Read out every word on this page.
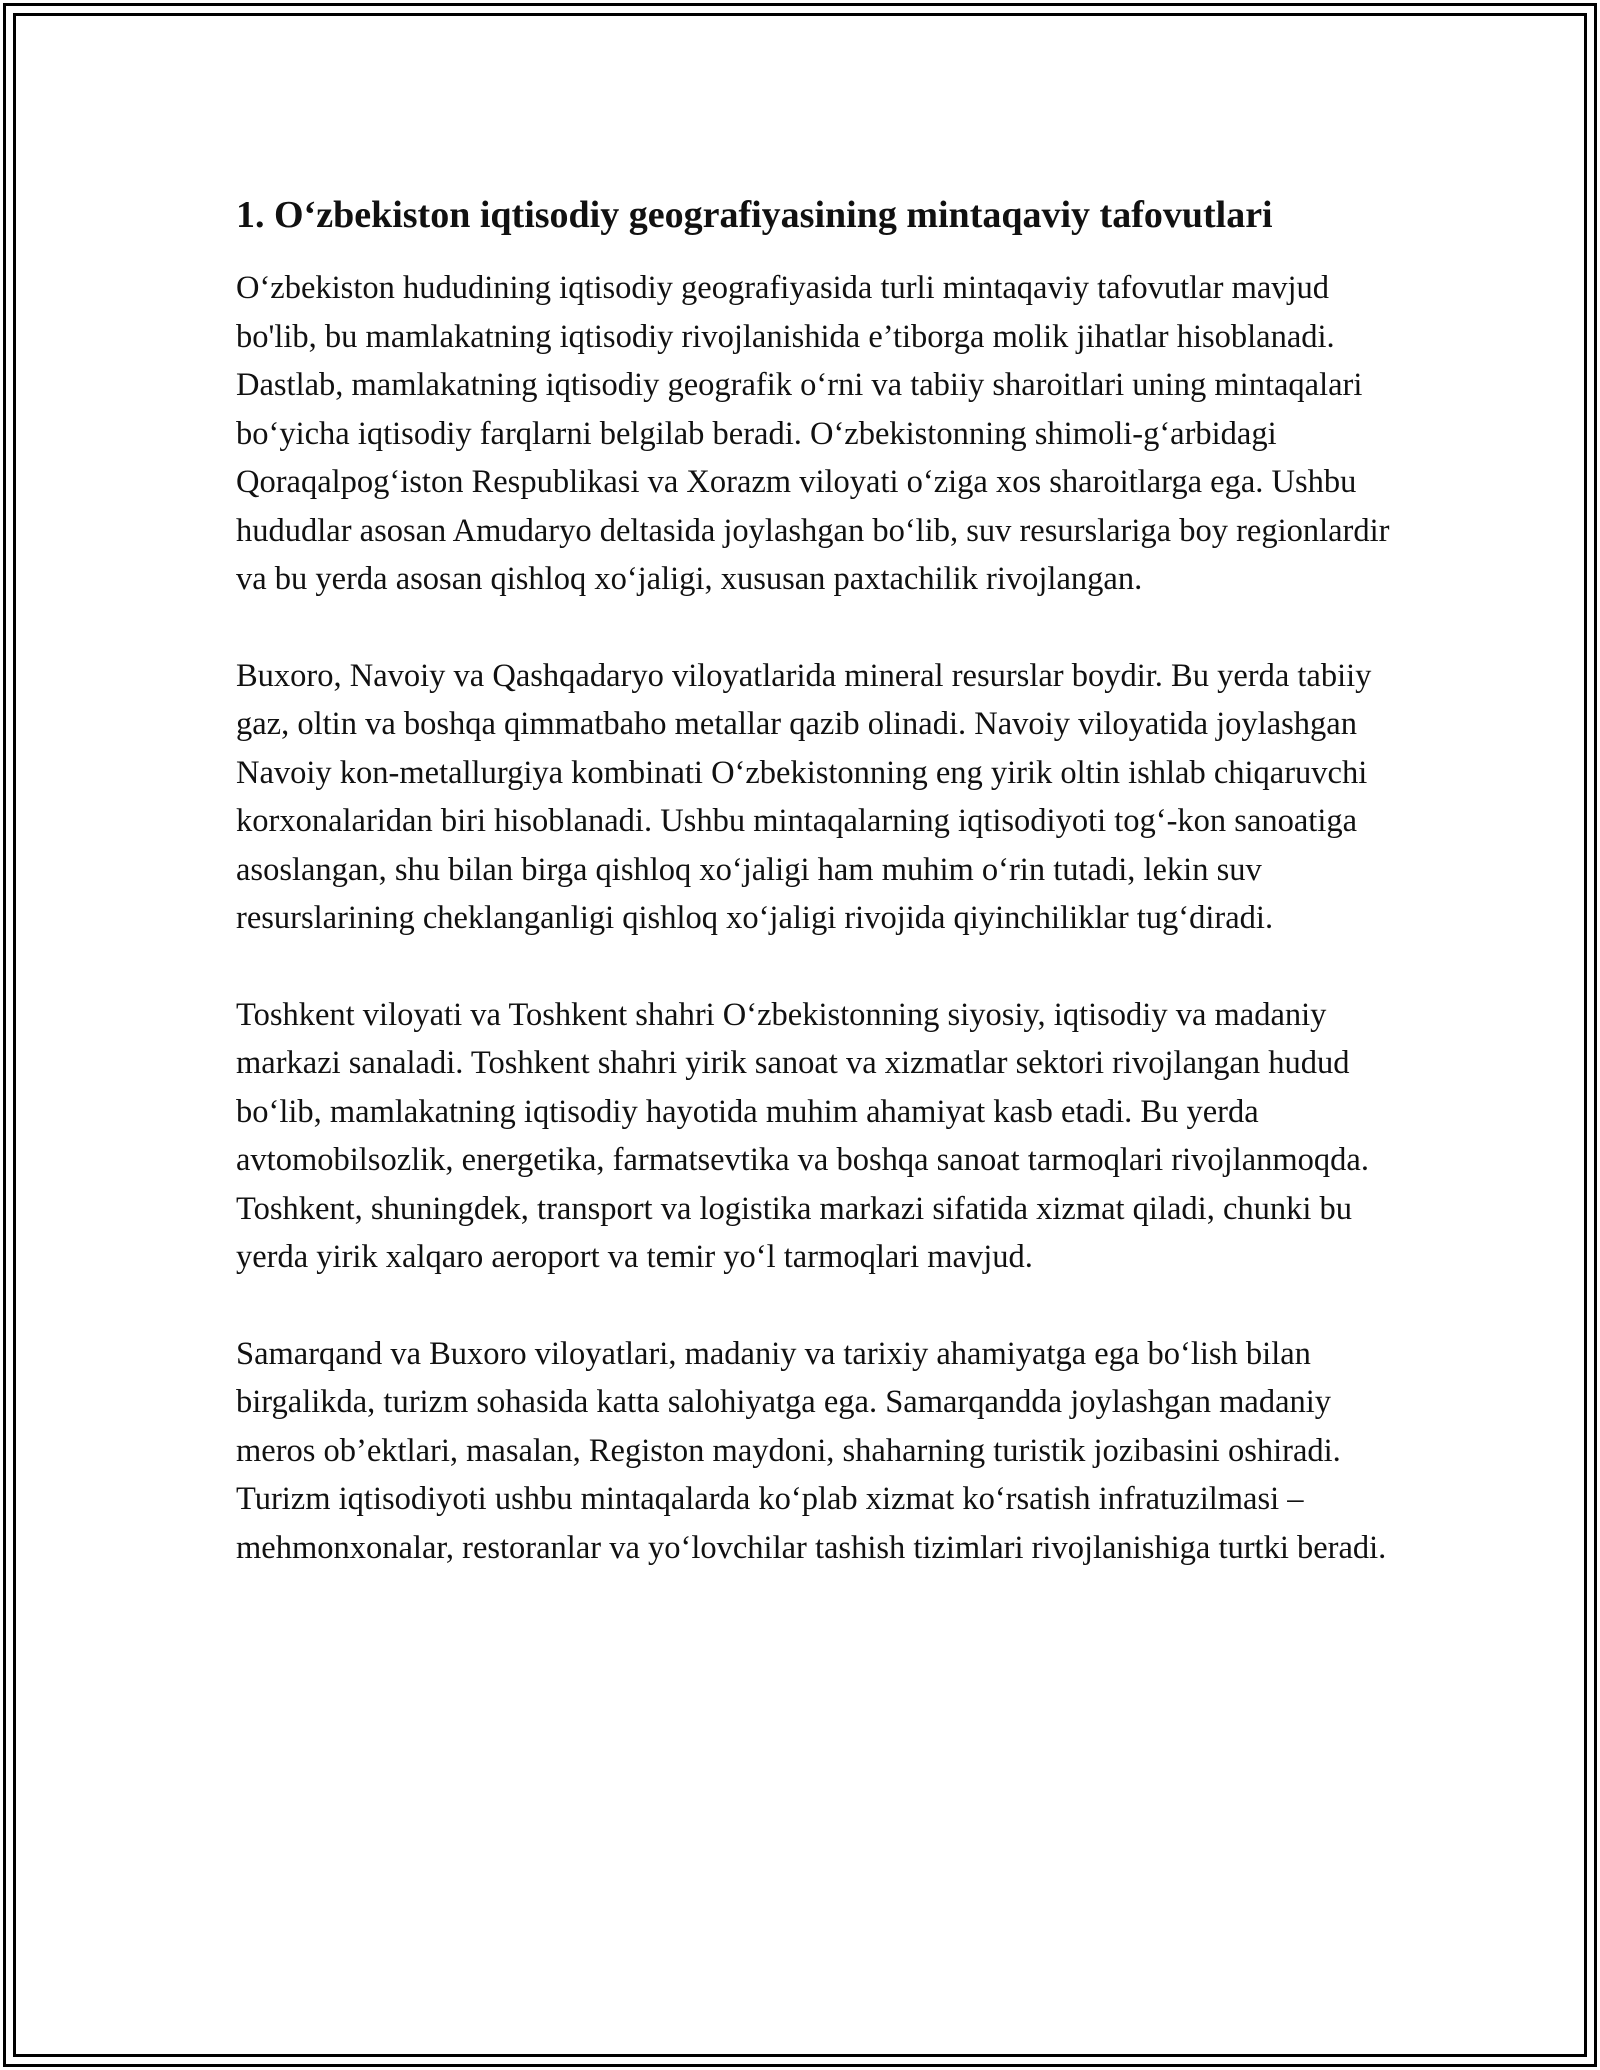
1. O‘zbekiston iqtisodiy geografiyasining mintaqaviy tafovutlari

O‘zbekiston hududining iqtisodiy geografiyasida turli mintaqaviy tafovutlar mavjud bo'lib, bu mamlakatning iqtisodiy rivojlanishida e’tiborga molik jihatlar hisoblanadi. Dastlab, mamlakatning iqtisodiy geografik o‘rni va tabiiy sharoitlari uning mintaqalari bo‘yicha iqtisodiy farqlarni belgilab beradi. O‘zbekistonning shimoli-g‘arbidagi Qoraqalpog‘iston Respublikasi va Xorazm viloyati o‘ziga xos sharoitlarga ega. Ushbu hududlar asosan Amudaryo deltasida joylashgan bo‘lib, suv resurslariga boy regionlardir va bu yerda asosan qishloq xo‘jaligi, xususan paxtachilik rivojlangan.

Buxoro, Navoiy va Qashqadaryo viloyatlarida mineral resurslar boydir. Bu yerda tabiiy gaz, oltin va boshqa qimmatbaho metallar qazib olinadi. Navoiy viloyatida joylashgan Navoiy kon-metallurgiya kombinati O‘zbekistonning eng yirik oltin ishlab chiqaruvchi korxonalaridan biri hisoblanadi. Ushbu mintaqalarning iqtisodiyoti tog‘-kon sanoatiga asoslangan, shu bilan birga qishloq xo‘jaligi ham muhim o‘rin tutadi, lekin suv resurslarining cheklanganligi qishloq xo‘jaligi rivojida qiyinchiliklar tug‘diradi.

Toshkent viloyati va Toshkent shahri O‘zbekistonning siyosiy, iqtisodiy va madaniy markazi sanaladi. Toshkent shahri yirik sanoat va xizmatlar sektori rivojlangan hudud bo‘lib, mamlakatning iqtisodiy hayotida muhim ahamiyat kasb etadi. Bu yerda avtomobilsozlik, energetika, farmatsevtika va boshqa sanoat tarmoqlari rivojlanmoqda. Toshkent, shuningdek, transport va logistika markazi sifatida xizmat qiladi, chunki bu yerda yirik xalqaro aeroport va temir yo‘l tarmoqlari mavjud.

Samarqand va Buxoro viloyatlari, madaniy va tarixiy ahamiyatga ega bo‘lish bilan birgalikda, turizm sohasida katta salohiyatga ega. Samarqandda joylashgan madaniy meros ob’ektlari, masalan, Registon maydoni, shaharning turistik jozibasini oshiradi. Turizm iqtisodiyoti ushbu mintaqalarda ko‘plab xizmat ko‘rsatish infratuzilmasi – mehmonxonalar, restoranlar va yo‘lovchilar tashish tizimlari rivojlanishiga turtki beradi.
